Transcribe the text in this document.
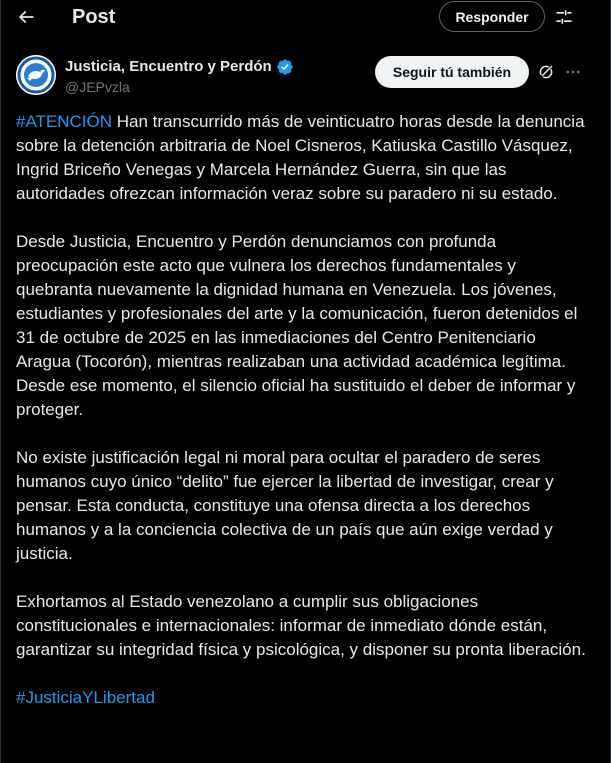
Post	Responder
Justicia, Encuentro y Perdón
@JEPvzla
Seguir tú también

#ATENCIÓN Han transcurrido más de veinticuatro horas desde la denuncia sobre la detención arbitraria de Noel Cisneros, Katiuska Castillo Vásquez, Ingrid Briceño Venegas y Marcela Hernández Guerra, sin que las autoridades ofrezcan información veraz sobre su paradero ni su estado.

Desde Justicia, Encuentro y Perdón denunciamos con profunda preocupación este acto que vulnera los derechos fundamentales y quebranta nuevamente la dignidad humana en Venezuela. Los jóvenes, estudiantes y profesionales del arte y la comunicación, fueron detenidos el 31 de octubre de 2025 en las inmediaciones del Centro Penitenciario Aragua (Tocorón), mientras realizaban una actividad académica legítima. Desde ese momento, el silencio oficial ha sustituido el deber de informar y proteger.

No existe justificación legal ni moral para ocultar el paradero de seres humanos cuyo único “delito” fue ejercer la libertad de investigar, crear y pensar. Esta conducta, constituye una ofensa directa a los derechos humanos y a la conciencia colectiva de un país que aún exige verdad y justicia.

Exhortamos al Estado venezolano a cumplir sus obligaciones constitucionales e internacionales: informar de inmediato dónde están, garantizar su integridad física y psicológica, y disponer su pronta liberación.

#JusticiaYLibertad
